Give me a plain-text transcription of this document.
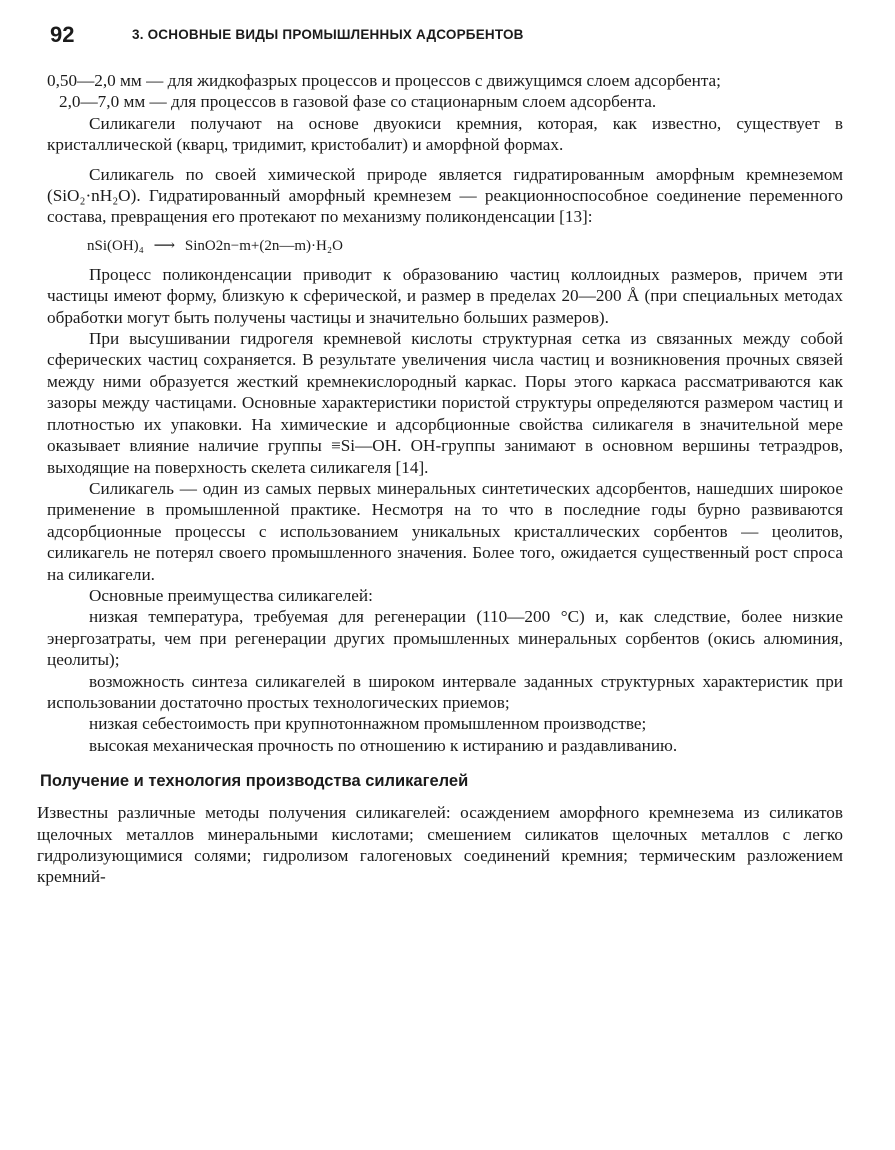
92	3. ОСНОВНЫЕ ВИДЫ ПРОМЫШЛЕННЫХ АДСОРБЕНТОВ

0,50—2,0 мм — для жидкофазрых процессов и процессов с движущимся слоем адсорбента;

2,0—7,0 мм — для процессов в газовой фазе со стационарным слоем адсорбента.

Силикагели получают на основе двуокиси кремния, которая, как известно, существует в кристаллической (кварц, тридимит, кристобалит) и аморфной формах.

Силикагель по своей химической природе является гидратированным аморфным кремнеземом (SiO₂·nH₂O). Гидратированный аморфный кремнезем — реакционноспособное соединение переменного состава, превращения его протекают по механизму поликонденсации [13]:

nSi(OH)₄ ⟶ SinO2n−m+(2n—m)·H₂O

Процесс поликонденсации приводит к образованию частиц коллоидных размеров, причем эти частицы имеют форму, близкую к сферической, и размер в пределах 20—200 Å (при специальных методах обработки могут быть получены частицы и значительно больших размеров).

При высушивании гидрогеля кремневой кислоты структурная сетка из связанных между собой сферических частиц сохраняется. В результате увеличения числа частиц и возникновения прочных связей между ними образуется жесткий кремнекислородный каркас. Поры этого каркаса рассматриваются как зазоры между частицами. Основные характеристики пористой структуры определяются размером частиц и плотностью их упаковки. На химические и адсорбционные свойства силикагеля в значительной мере оказывает влияние наличие группы ≡Si—OH. OH-группы занимают в основном вершины тетраэдров, выходящие на поверхность скелета силикагеля [14].

Силикагель — один из самых первых минеральных синтетических адсорбентов, нашедших широкое применение в промышленной практике. Несмотря на то что в последние годы бурно развиваются адсорбционные процессы с использованием уникальных кристаллических сорбентов — цеолитов, силикагель не потерял своего промышленного значения. Более того, ожидается существенный рост спроса на силикагели.

Основные преимущества силикагелей:

низкая температура, требуемая для регенерации (110—200 °C) и, как следствие, более низкие энергозатраты, чем при регенерации других промышленных минеральных сорбентов (окись алюминия, цеолиты);

возможность синтеза силикагелей в широком интервале заданных структурных характеристик при использовании достаточно простых технологических приемов;

низкая себестоимость при крупнотоннажном промышленном производстве;

высокая механическая прочность по отношению к истиранию и раздавливанию.

Получение и технология производства силикагелей

Известны различные методы получения силикагелей: осаждением аморфного кремнезема из силикатов щелочных металлов минеральными кислотами; смешением силикатов щелочных металлов с легко гидролизующимися солями; гидролизом галогеновых соединений кремния; термическим разложением кремний-
